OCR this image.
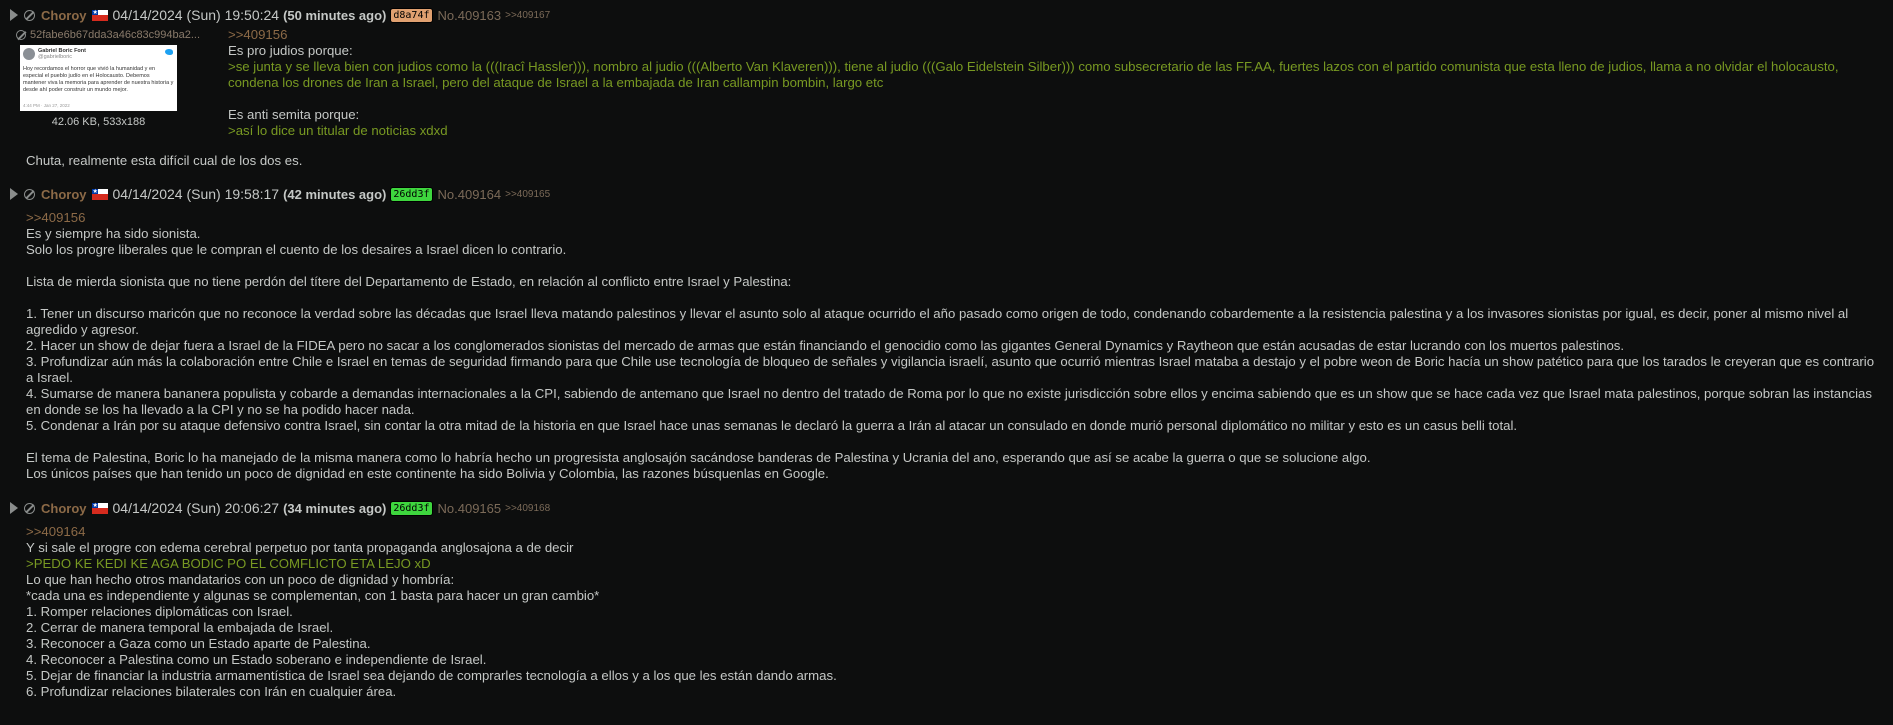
Choroy ★ 04/14/2024 (Sun) 19:50:24 (50 minutes ago) d8a74f No.409163 >>409167
52fabe6b67dda3a46c83c994ba2...
Gabriel Boric Font
@gabrielboric
Hoy recordamos el horror que vivió la humanidad y en especial el pueblo judío en el Holocausto. Debemos mantener viva la memoria para aprender de nuestra historia y desde ahí poder construir un mundo mejor.
4:44 PM · Jan 27, 2022
42.06 KB, 533x188
>>409156
Es pro judios porque:
>se junta y se lleva bien con judios como la (((Iracî Hassler))), nombro al judio (((Alberto Van Klaveren))), tiene al judio (((Galo Eidelstein Silber))) como subsecretario de las FF.AA, fuertes lazos con el partido comunista que esta lleno de judios, llama a no olvidar el holocausto, condena los drones de Iran a Israel, pero del ataque de Israel a la embajada de Iran callampin bombin, largo etc
Es anti semita porque:
>así lo dice un titular de noticias xdxd
Chuta, realmente esta difícil cual de los dos es.
Choroy ★ 04/14/2024 (Sun) 19:58:17 (42 minutes ago) 26dd3f No.409164 >>409165
>>409156
Es y siempre ha sido sionista.
Solo los progre liberales que le compran el cuento de los desaires a Israel dicen lo contrario.
Lista de mierda sionista que no tiene perdón del títere del Departamento de Estado, en relación al conflicto entre Israel y Palestina:
1. Tener un discurso maricón que no reconoce la verdad sobre las décadas que Israel lleva matando palestinos y llevar el asunto solo al ataque ocurrido el año pasado como origen de todo, condenando cobardemente a la resistencia palestina y a los invasores sionistas por igual, es decir, poner al mismo nivel al agredido y agresor.
2. Hacer un show de dejar fuera a Israel de la FIDEA pero no sacar a los conglomerados sionistas del mercado de armas que están financiando el genocidio como las gigantes General Dynamics y Raytheon que están acusadas de estar lucrando con los muertos palestinos.
3. Profundizar aún más la colaboración entre Chile e Israel en temas de seguridad firmando para que Chile use tecnología de bloqueo de señales y vigilancia israelí, asunto que ocurrió mientras Israel mataba a destajo y el pobre weon de Boric hacía un show patético para que los tarados le creyeran que es contrario a Israel.
4. Sumarse de manera bananera populista y cobarde a demandas internacionales a la CPI, sabiendo de antemano que Israel no dentro del tratado de Roma por lo que no existe jurisdicción sobre ellos y encima sabiendo que es un show que se hace cada vez que Israel mata palestinos, porque sobran las instancias en donde se los ha llevado a la CPI y no se ha podido hacer nada.
5. Condenar a Irán por su ataque defensivo contra Israel, sin contar la otra mitad de la historia en que Israel hace unas semanas le declaró la guerra a Irán al atacar un consulado en donde murió personal diplomático no militar y esto es un casus belli total.
El tema de Palestina, Boric lo ha manejado de la misma manera como lo habría hecho un progresista anglosajón sacándose banderas de Palestina y Ucrania del ano, esperando que así se acabe la guerra o que se solucione algo.
Los únicos países que han tenido un poco de dignidad en este continente ha sido Bolivia y Colombia, las razones búsquenlas en Google.
Choroy ★ 04/14/2024 (Sun) 20:06:27 (34 minutes ago) 26dd3f No.409165 >>409168
>>409164
Y si sale el progre con edema cerebral perpetuo por tanta propaganda anglosajona a de decir
>PEDO KE KEDI KE AGA BODIC PO EL COMFLICTO ETA LEJO xD
Lo que han hecho otros mandatarios con un poco de dignidad y hombría:
*cada una es independiente y algunas se complementan, con 1 basta para hacer un gran cambio*
1. Romper relaciones diplomáticas con Israel.
2. Cerrar de manera temporal la embajada de Israel.
3. Reconocer a Gaza como un Estado aparte de Palestina.
4. Reconocer a Palestina como un Estado soberano e independiente de Israel.
5. Dejar de financiar la industria armamentística de Israel sea dejando de comprarles tecnología a ellos y a los que les están dando armas.
6. Profundizar relaciones bilaterales con Irán en cualquier área.
